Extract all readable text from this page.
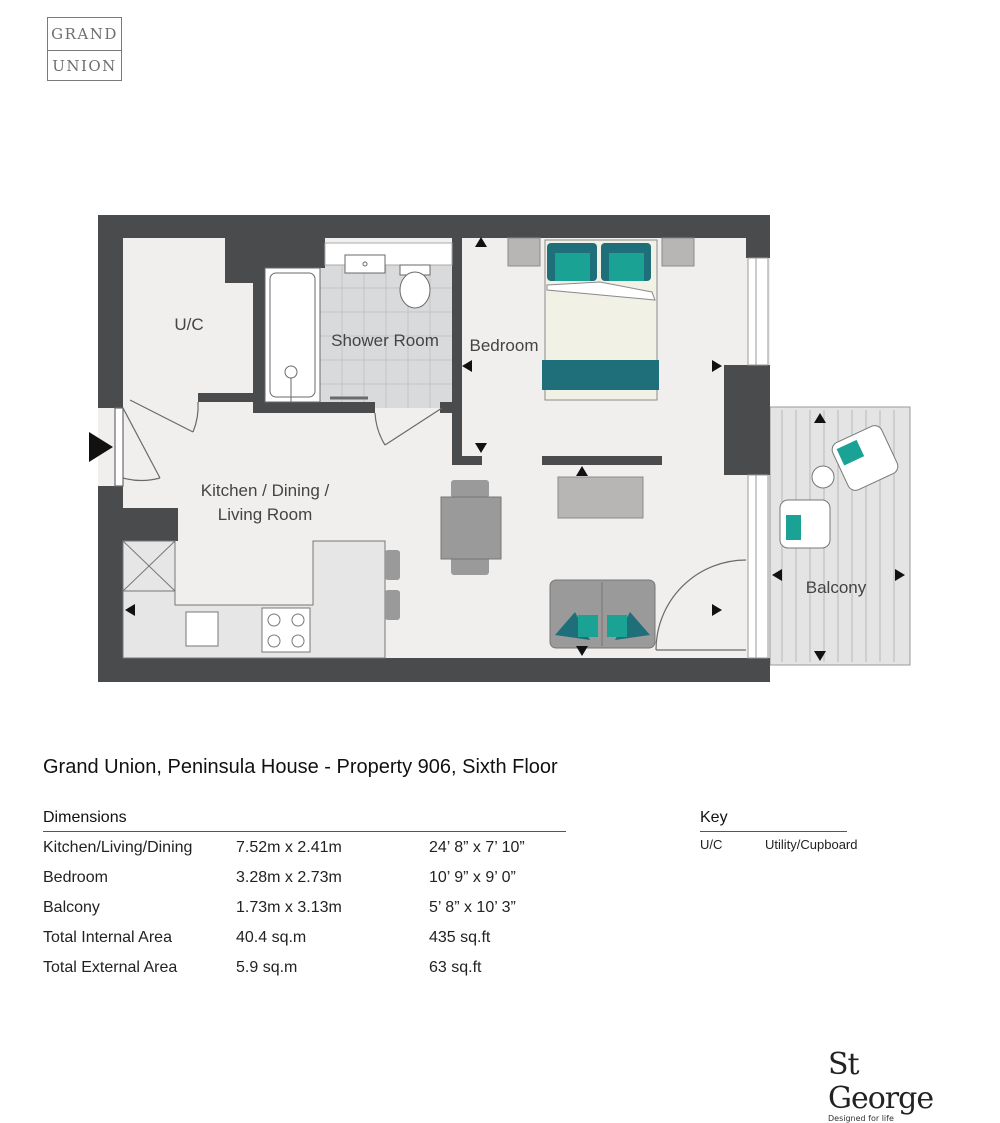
GRAND
UNION
U/C
Shower Room Bedroom
Kitchen / Dining /
Living Room
Balcony
Grand Union, Peninsula House - Property 906, Sixth Floor
Dimensions
Kitchen/Living/Dining	7.52m x 2.41m	24’ 8” x 7’ 10”
Bedroom	3.28m x 2.73m	10’ 9” x 9’ 0”
Balcony	1.73m x 3.13m	5’ 8” x 10’ 3”
Total Internal Area	40.4 sq.m	435 sq.ft
Total External Area	5.9 sq.m	63 sq.ft
Key
U/C	Utility/Cupboard
St George
Designed for life
